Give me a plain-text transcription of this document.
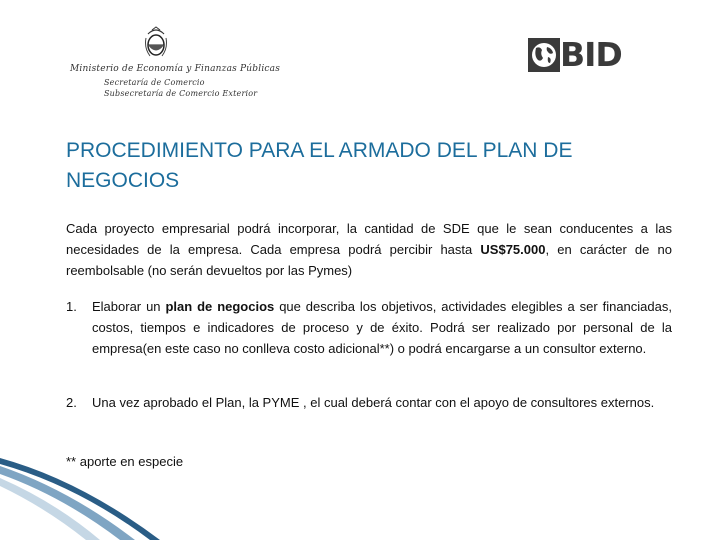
Ministerio de Economía y Finanzas Públicas
Secretaría de Comercio
Subsecretaría de Comercio Exterior
BID
PROCEDIMIENTO PARA EL ARMADO DEL PLAN DE NEGOCIOS

Cada proyecto empresarial podrá incorporar, la cantidad de SDE que le sean conducentes a las necesidades de la empresa. Cada empresa podrá percibir hasta US$75.000, en carácter de no reembolsable (no serán devueltos por las Pymes)

1. Elaborar un plan de negocios que describa los objetivos, actividades elegibles a ser financiadas, costos, tiempos e indicadores de proceso y de éxito. Podrá ser realizado por personal de la empresa(en este caso no conlleva costo adicional**) o podrá encargarse a un consultor externo.
2. Una vez aprobado el Plan, la PYME , el cual deberá contar con el apoyo de consultores externos.
** aporte en especie
